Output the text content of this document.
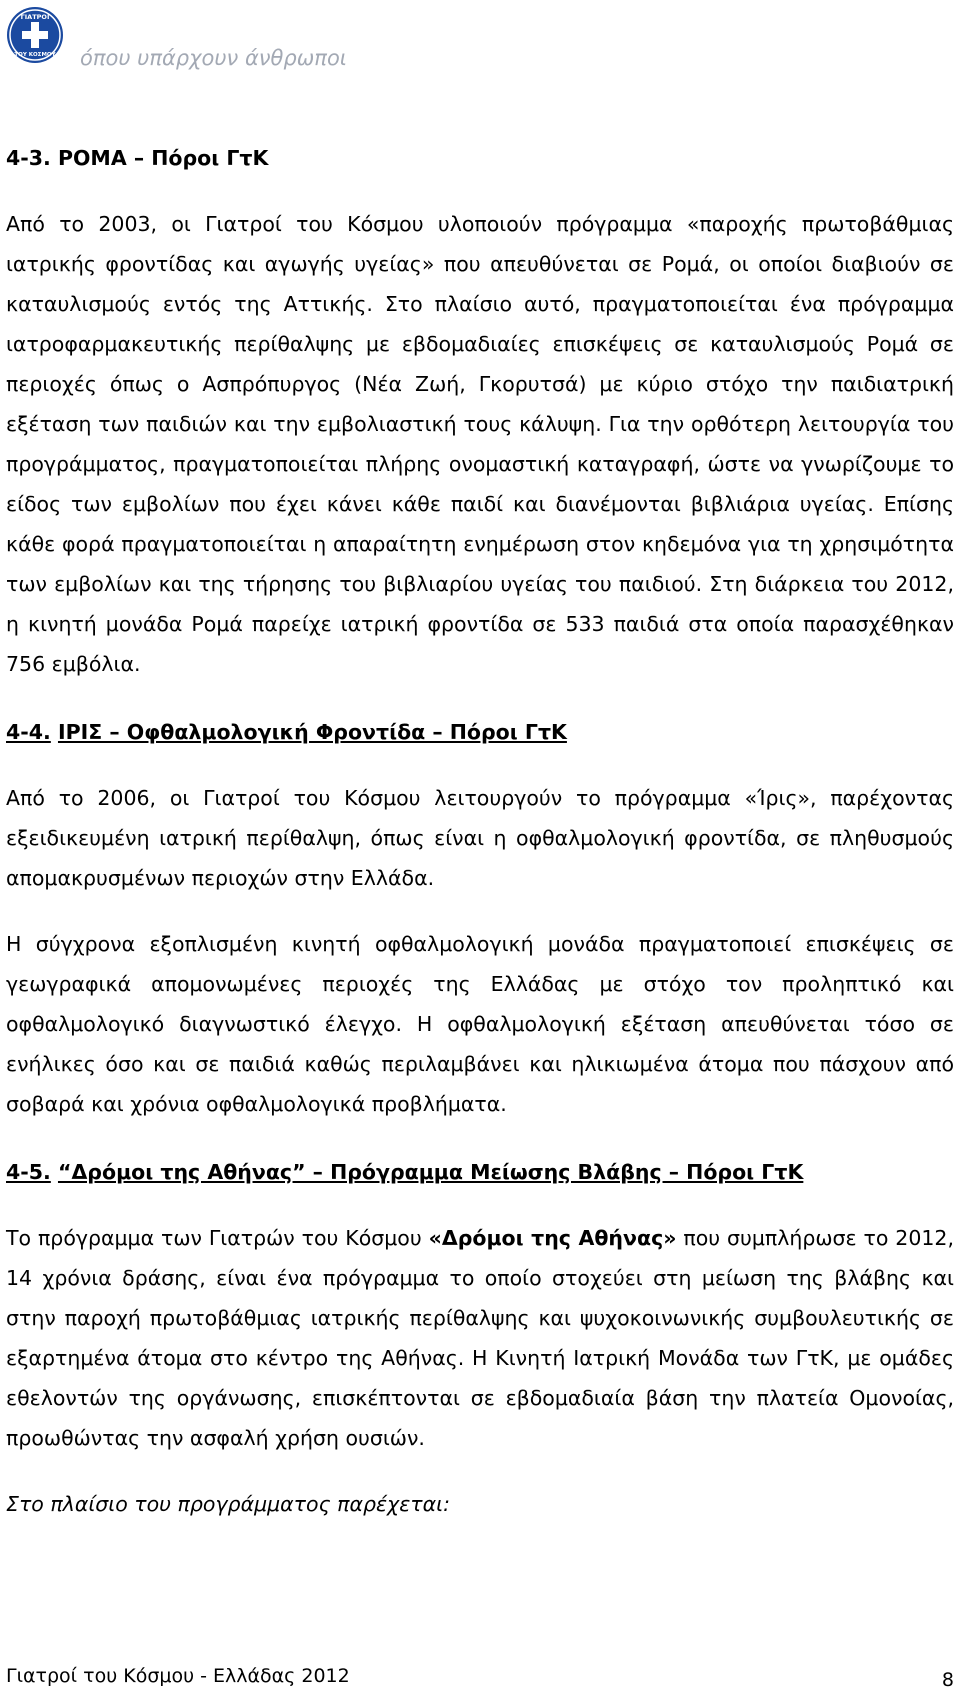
ΓΙΑΤΡΟΙ
ΤΟΥ ΚΟΣΜΟΥ όπου υπάρχουν άνθρωποι
4-3. ΡΟΜΑ – Πόροι ΓτΚ

Από το 2003, οι Γιατροί του Κόσμου υλοποιούν πρόγραμμα «παροχής πρωτοβάθμιας ιατρικής φροντίδας και αγωγής υγείας» που απευθύνεται σε Ρομά, οι οποίοι διαβιούν σε καταυλισμούς εντός της Αττικής. Στο πλαίσιο αυτό, πραγματοποιείται ένα πρόγραμμα ιατροφαρμακευτικής περίθαλψης με εβδομαδιαίες επισκέψεις σε καταυλισμούς Ρομά σε περιοχές όπως ο Ασπρόπυργος (Νέα Ζωή, Γκορυτσά) με κύριο στόχο την παιδιατρική εξέταση των παιδιών και την εμβολιαστική τους κάλυψη. Για την ορθότερη λειτουργία του προγράμματος, πραγματοποιείται πλήρης ονομαστική καταγραφή, ώστε να γνωρίζουμε το είδος των εμβολίων που έχει κάνει κάθε παιδί και διανέμονται βιβλιάρια υγείας. Επίσης κάθε φορά πραγματοποιείται η απαραίτητη ενημέρωση στον κηδεμόνα για τη χρησιμότητα των εμβολίων και της τήρησης του βιβλιαρίου υγείας του παιδιού. Στη διάρκεια του 2012, η κινητή μονάδα Ρομά παρείχε ιατρική φροντίδα σε 533 παιδιά στα οποία παρασχέθηκαν 756 εμβόλια.

4-4. ΙΡΙΣ – Οφθαλμολογική Φροντίδα – Πόροι ΓτΚ

Από το 2006, οι Γιατροί του Κόσμου λειτουργούν το πρόγραμμα «Ίρις», παρέχοντας εξειδικευμένη ιατρική περίθαλψη, όπως είναι η οφθαλμολογική φροντίδα, σε πληθυσμούς απομακρυσμένων περιοχών στην Ελλάδα.

Η σύγχρονα εξοπλισμένη κινητή οφθαλμολογική μονάδα πραγματοποιεί επισκέψεις σε γεωγραφικά απομονωμένες περιοχές της Ελλάδας με στόχο τον προληπτικό και οφθαλμολογικό διαγνωστικό έλεγχο. Η οφθαλμολογική εξέταση απευθύνεται τόσο σε ενήλικες όσο και σε παιδιά καθώς περιλαμβάνει και ηλικιωμένα άτομα που πάσχουν από σοβαρά και χρόνια οφθαλμολογικά προβλήματα.

4-5. “Δρόμοι της Αθήνας” – Πρόγραμμα Μείωσης Βλάβης – Πόροι ΓτΚ

Το πρόγραμμα των Γιατρών του Κόσμου «Δρόμοι της Αθήνας» που συμπλήρωσε το 2012, 14 χρόνια δράσης, είναι ένα πρόγραμμα το οποίο στοχεύει στη μείωση της βλάβης και στην παροχή πρωτοβάθμιας ιατρικής περίθαλψης και ψυχοκοινωνικής συμβουλευτικής σε εξαρτημένα άτομα στο κέντρο της Αθήνας. Η Κινητή Ιατρική Μονάδα των ΓτΚ, με ομάδες εθελοντών της οργάνωσης, επισκέπτονται σε εβδομαδιαία βάση την πλατεία Ομονοίας, προωθώντας την ασφαλή χρήση ουσιών.

Στο πλαίσιο του προγράμματος παρέχεται:

Γιατροί του Κόσμου - Ελλάδας 2012	8
